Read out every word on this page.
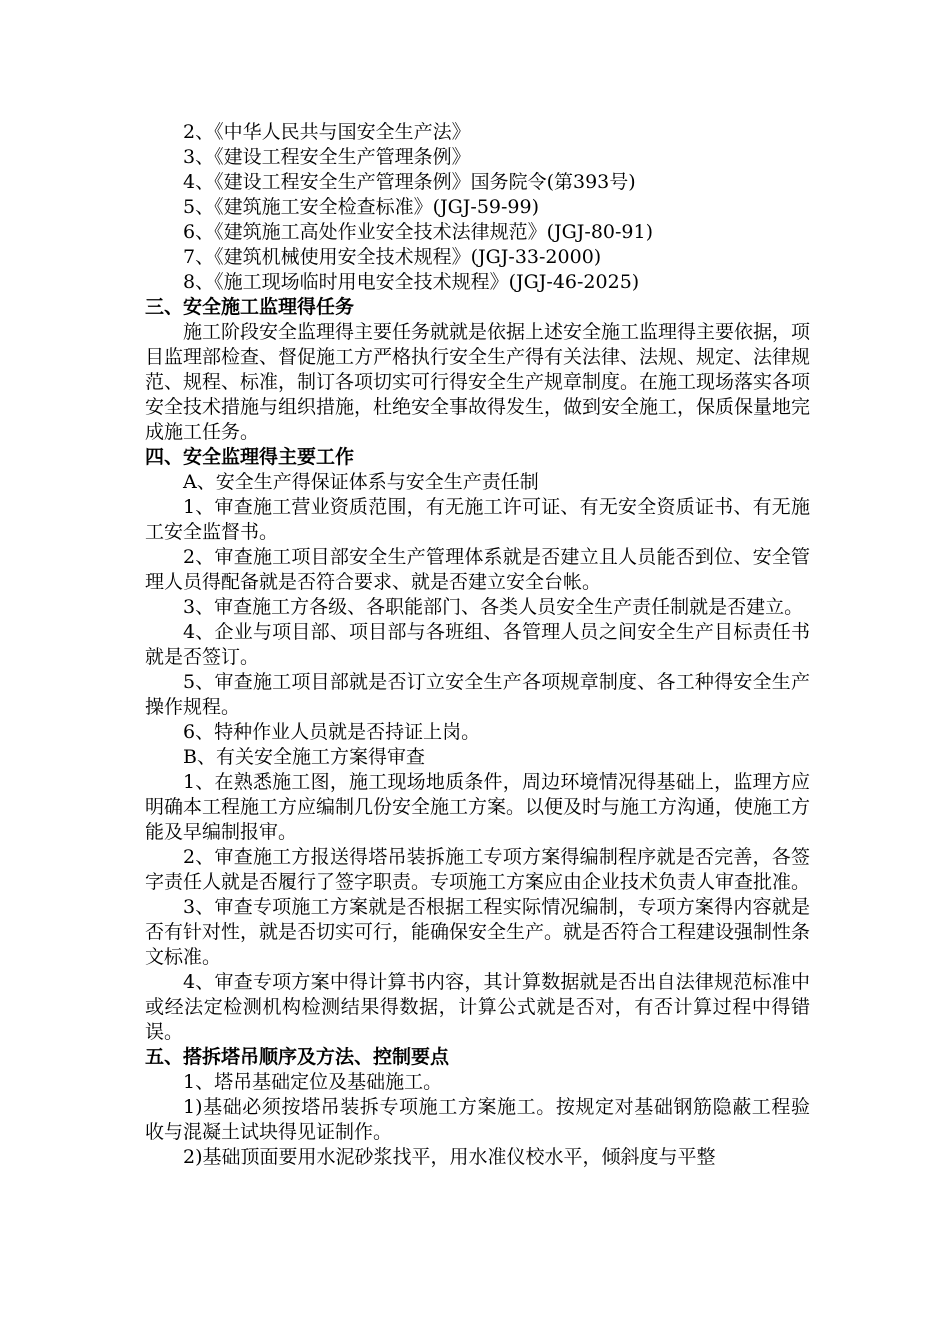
2、《中华人民共与国安全生产法》

3、《建设工程安全生产管理条例》

4、《建设工程安全生产管理条例》国务院令(第393号)

5、《建筑施工安全检查标准》(JGJ-59-99)

6、《建筑施工高处作业安全技术法律规范》(JGJ-80-91)

7、《建筑机械使用安全技术规程》(JGJ-33-2000)

8、《施工现场临时用电安全技术规程》(JGJ-46-2025)

三、安全施工监理得任务

施工阶段安全监理得主要任务就就是依据上述安全施工监理得主要依据，项目监理部检查、督促施工方严格执行安全生产得有关法律、法规、规定、法律规范、规程、标准，制订各项切实可行得安全生产规章制度。在施工现场落实各项安全技术措施与组织措施，杜绝安全事故得发生，做到安全施工，保质保量地完成施工任务。

四、安全监理得主要工作

A、安全生产得保证体系与安全生产责任制

1、审查施工营业资质范围，有无施工许可证、有无安全资质证书、有无施工安全监督书。

2、审查施工项目部安全生产管理体系就是否建立且人员能否到位、安全管理人员得配备就是否符合要求、就是否建立安全台帐。

3、审查施工方各级、各职能部门、各类人员安全生产责任制就是否建立。

4、企业与项目部、项目部与各班组、各管理人员之间安全生产目标责任书就是否签订。

5、审查施工项目部就是否订立安全生产各项规章制度、各工种得安全生产操作规程。

6、特种作业人员就是否持证上岗。

B、有关安全施工方案得审查

1、在熟悉施工图，施工现场地质条件，周边环境情况得基础上，监理方应明确本工程施工方应编制几份安全施工方案。以便及时与施工方沟通，使施工方能及早编制报审。

2、审查施工方报送得塔吊装拆施工专项方案得编制程序就是否完善，各签字责任人就是否履行了签字职责。专项施工方案应由企业技术负责人审查批准。

3、审查专项施工方案就是否根据工程实际情况编制，专项方案得内容就是否有针对性，就是否切实可行，能确保安全生产。就是否符合工程建设强制性条文标准。

4、审查专项方案中得计算书内容，其计算数据就是否出自法律规范标准中或经法定检测机构检测结果得数据，计算公式就是否对，有否计算过程中得错误。

五、搭拆塔吊顺序及方法、控制要点

1、塔吊基础定位及基础施工。

1)基础必须按塔吊装拆专项施工方案施工。按规定对基础钢筋隐蔽工程验收与混凝土试块得见证制作。

2)基础顶面要用水泥砂浆找平，用水准仪校水平，倾斜度与平整
